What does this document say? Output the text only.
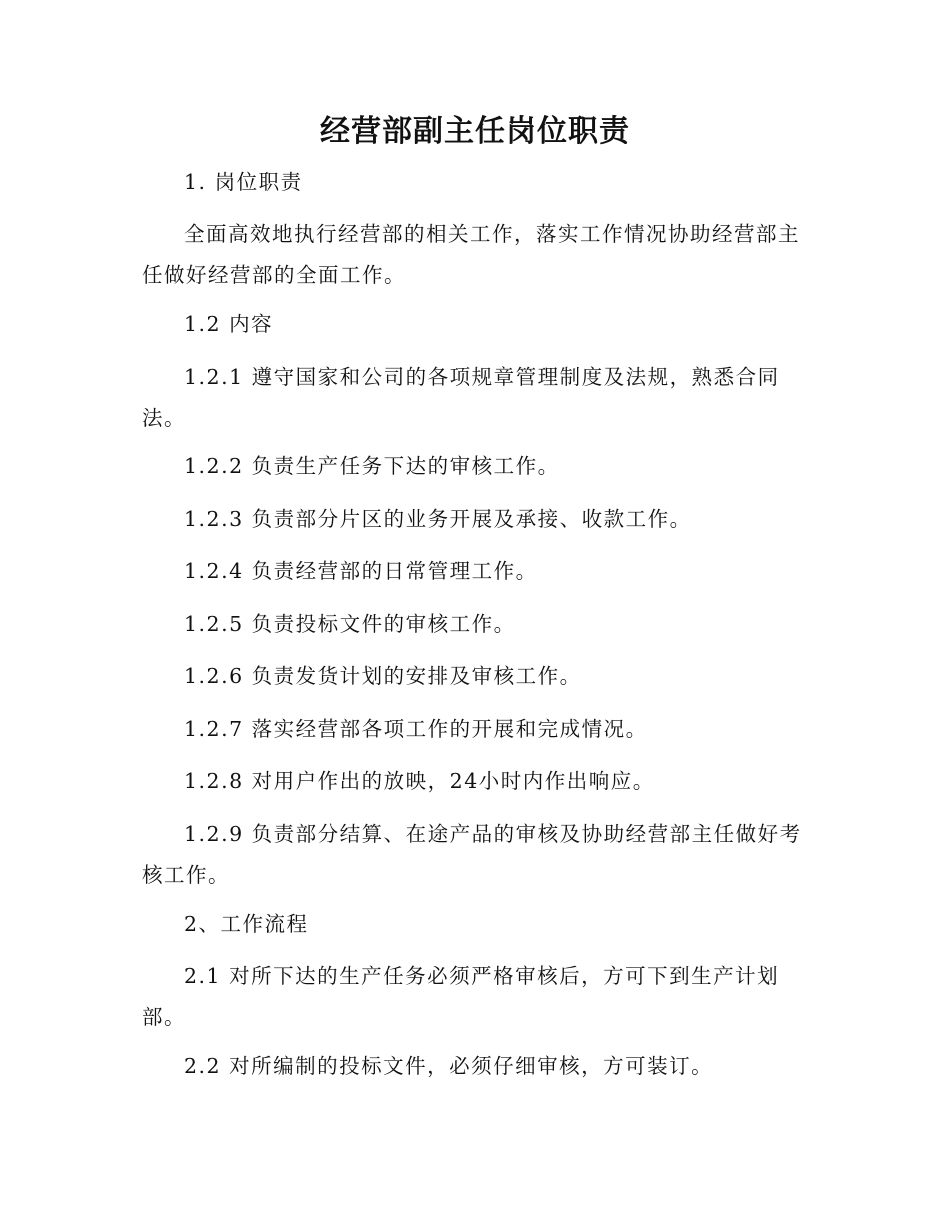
经营部副主任岗位职责

1. 岗位职责

全面高效地执行经营部的相关工作，落实工作情况协助经营部主任做好经营部的全面工作。

1.2 内容

1.2.1 遵守国家和公司的各项规章管理制度及法规，熟悉合同法。

1.2.2 负责生产任务下达的审核工作。

1.2.3 负责部分片区的业务开展及承接、收款工作。

1.2.4 负责经营部的日常管理工作。

1.2.5 负责投标文件的审核工作。

1.2.6 负责发货计划的安排及审核工作。

1.2.7 落实经营部各项工作的开展和完成情况。

1.2.8 对用户作出的放映，24小时内作出响应。

1.2.9 负责部分结算、在途产品的审核及协助经营部主任做好考核工作。

2、工作流程

2.1 对所下达的生产任务必须严格审核后，方可下到生产计划部。

2.2 对所编制的投标文件，必须仔细审核，方可装订。
